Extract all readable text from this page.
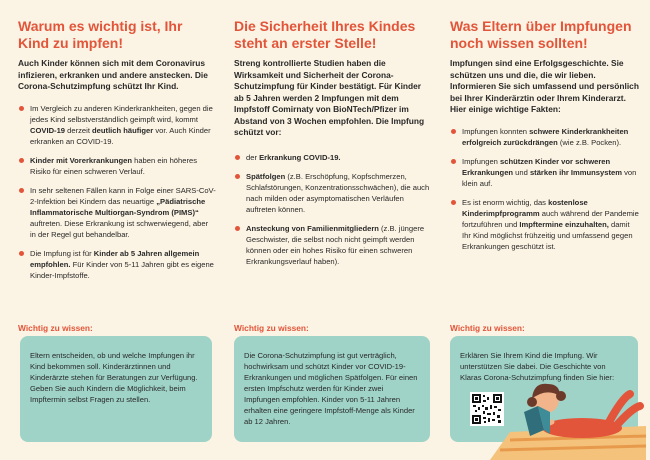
Warum es wichtig ist, Ihr Kind zu impfen!

Auch Kinder können sich mit dem Coronavirus infizieren, erkranken und andere anstecken. Die Corona-Schutzimpfung schützt Ihr Kind.

Im Vergleich zu anderen Kinderkrankheiten, gegen die jedes Kind selbstverständlich geimpft wird, kommt COVID-19 derzeit deutlich häufiger vor. Auch Kinder erkranken an COVID-19.
Kinder mit Vorerkrankungen haben ein höheres Risiko für einen schweren Verlauf.
In sehr seltenen Fällen kann in Folge einer SARS-CoV-2-Infektion bei Kindern das neuartige „Pädiatrische Inflammatorische Multiorgan-Syndrom (PIMS)“ auftreten. Diese Erkrankung ist schwerwiegend, aber in der Regel gut behandelbar.
Die Impfung ist für Kinder ab 5 Jahren allgemein empfohlen. Für Kinder von 5-11 Jahren gibt es eigene Kinder-Impfstoffe.

Wichtig zu wissen:

Eltern entscheiden, ob und welche Impfungen ihr Kind bekommen soll. Kinderärztinnen und Kinderärzte stehen für Beratungen zur Verfügung. Geben Sie auch Kindern die Möglichkeit, beim Impftermin selbst Fragen zu stellen.

Die Sicherheit Ihres Kindes steht an erster Stelle!

Streng kontrollierte Studien haben die Wirksamkeit und Sicherheit der Corona-Schutzimpfung für Kinder bestätigt. Für Kinder ab 5 Jahren werden 2 Impfungen mit dem Impfstoff Comirnaty von BioNTech/Pfizer im Abstand von 3 Wochen empfohlen. Die Impfung schützt vor:

der Erkrankung COVID-19.
Spätfolgen (z.B. Erschöpfung, Kopfschmerzen, Schlafstörungen, Konzentrationsschwächen), die auch nach milden oder asymptomatischen Verläufen auftreten können.
Ansteckung von Familienmitgliedern (z.B. jüngere Geschwister, die selbst noch nicht geimpft werden können oder ein hohes Risiko für einen schweren Erkrankungsverlauf haben).

Wichtig zu wissen:

Die Corona-Schutzimpfung ist gut verträglich, hochwirksam und schützt Kinder vor COVID-19-Erkrankungen und möglichen Spätfolgen. Für einen ersten Impfschutz werden für Kinder zwei Impfungen empfohlen. Kinder von 5-11 Jahren erhalten eine geringere Impfstoff-Menge als Kinder ab 12 Jahren.

Was Eltern über Impfungen noch wissen sollten!

Impfungen sind eine Erfolgsgeschichte. Sie schützen uns und die, die wir lieben. Informieren Sie sich umfassend und persönlich bei Ihrer Kinderärztin oder Ihrem Kinderarzt. Hier einige wichtige Fakten:

Impfungen konnten schwere Kinderkrankheiten erfolgreich zurückdrängen (wie z.B. Pocken).
Impfungen schützen Kinder vor schweren Erkrankungen und stärken ihr Immunsystem von klein auf.
Es ist enorm wichtig, das kostenlose Kinderimpfprogramm auch während der Pandemie fortzuführen und Impftermine einzuhalten, damit Ihr Kind möglichst frühzeitig und umfassend gegen Erkrankungen geschützt ist.

Wichtig zu wissen:

Erklären Sie Ihrem Kind die Impfung. Wir unterstützen Sie dabei. Die Geschichte von Klaras Corona-Schutzimpfung finden Sie hier:
